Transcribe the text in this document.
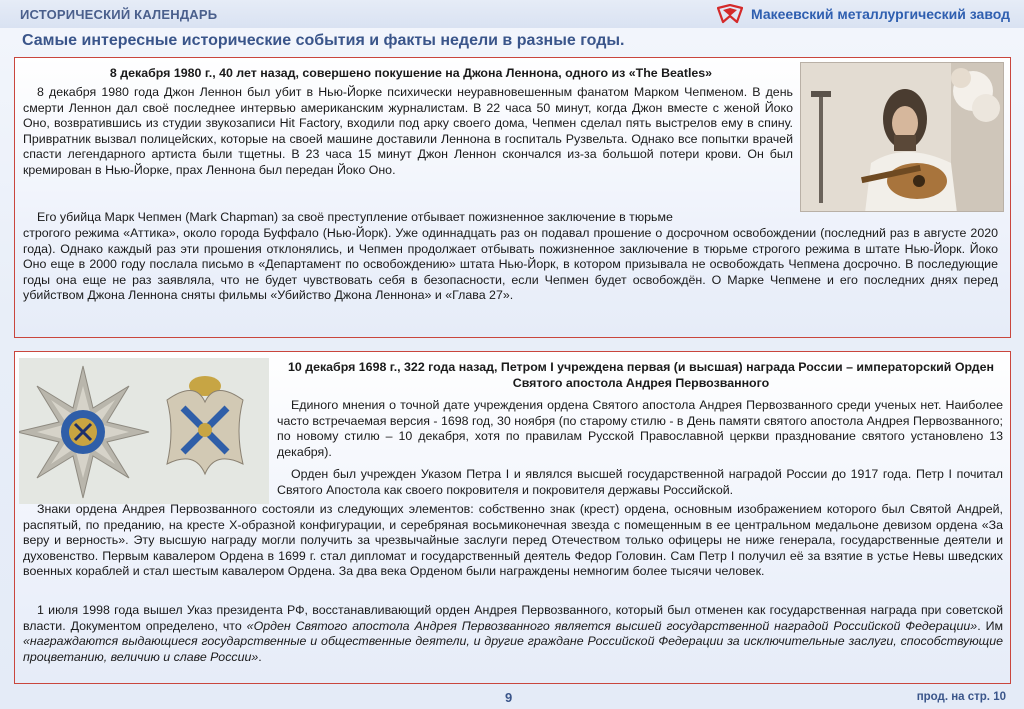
ИСТОРИЧЕСКИЙ КАЛЕНДАРЬ	Макеевский металлургический завод
Самые интересные исторические события и факты недели в разные годы.
8 декабря 1980 г., 40 лет назад, совершено покушение на Джона Леннона, одного из «The Beatles»
8 декабря 1980 года Джон Леннон был убит в Нью-Йорке психически неуравновешенным фанатом Марком Чепменом. В день смерти Леннон дал своё последнее интервью американским журналистам. В 22 часа 50 минут, когда Джон вместе с женой Йоко Оно, возвратившись из студии звукозаписи Hit Factory, входили под арку своего дома, Чепмен сделал пять выстрелов ему в спину. Привратник вызвал полицейских, которые на своей машине доставили Леннона в госпиталь Рузвельта. Однако все попытки врачей спасти легендарного артиста были тщетны. В 23 часа 15 минут Джон Леннон скончался из-за большой потери крови. Он был кремирован в Нью-Йорке, прах Леннона был передан Йоко Оно.
Его убийца Марк Чепмен (Mark Chapman) за своё преступление отбывает пожизненное заключение в тюрьме
строгого режима «Аттика», около города Буффало (Нью-Йорк). Уже одиннадцать раз он подавал прошение о досрочном освобождении (последний раз в августе 2020 года). Однако каждый раз эти прошения отклонялись, и Чепмен продолжает отбывать пожизненное заключение в тюрьме строгого режима в штате Нью-Йорк. Йоко Оно еще в 2000 году послала письмо в «Департамент по освобождению» штата Нью-Йорк, в котором призывала не освобождать Чепмена досрочно. В последующие годы она еще не раз заявляла, что не будет чувствовать себя в безопасности, если Чепмен будет освобождён. О Марке Чепмене и его последних днях перед убийством Джона Леннона сняты фильмы «Убийство Джона Леннона» и «Глава 27».
10 декабря 1698 г., 322 года назад, Петром I учреждена первая (и высшая) награда России – императорский Орден Святого апостола Андрея Первозванного
Единого мнения о точной дате учреждения ордена Святого апостола Андрея Первозванного среди ученых нет. Наиболее часто встречаемая версия - 1698 год, 30 ноября (по старому стилю - в День памяти святого апостола Андрея Первозванного; по новому стилю – 10 декабря, хотя по правилам Русской Православной церкви празднование святого установлено 13 декабря).
Орден был учрежден Указом Петра I и являлся высшей государственной наградой России до 1917 года. Петр I почитал Святого Апостола как своего покровителя и покровителя державы Российской.
Знаки ордена Андрея Первозванного состояли из следующих элементов: собственно знак (крест) ордена, основным изображением которого был Святой Андрей, распятый, по преданию, на кресте Х-образной конфигурации, и серебряная восьмиконечная звезда с помещенным в ее центральном медальоне девизом ордена «За веру и верность». Эту высшую награду могли получить за чрезвычайные заслуги перед Отечеством только офицеры не ниже генерала, государственные деятели и духовенство. Первым кавалером Ордена в 1699 г. стал дипломат и государственный деятель Федор Головин. Сам Петр I получил её за взятие в устье Невы шведских военных кораблей и стал шестым кавалером Ордена. За два века Орденом были награждены немногим более тысячи человек.
1 июля 1998 года вышел Указ президента РФ, восстанавливающий орден Андрея Первозванного, который был отменен как государственная награда при советской власти. Документом определено, что «Орден Святого апостола Андрея Первозванного является высшей государственной наградой Российской Федерации». Им «награждаются выдающиеся государственные и общественные деятели, и другие граждане Российской Федерации за исключительные заслуги, способствующие процветанию, величию и славе России».
9	прод. на стр. 10
